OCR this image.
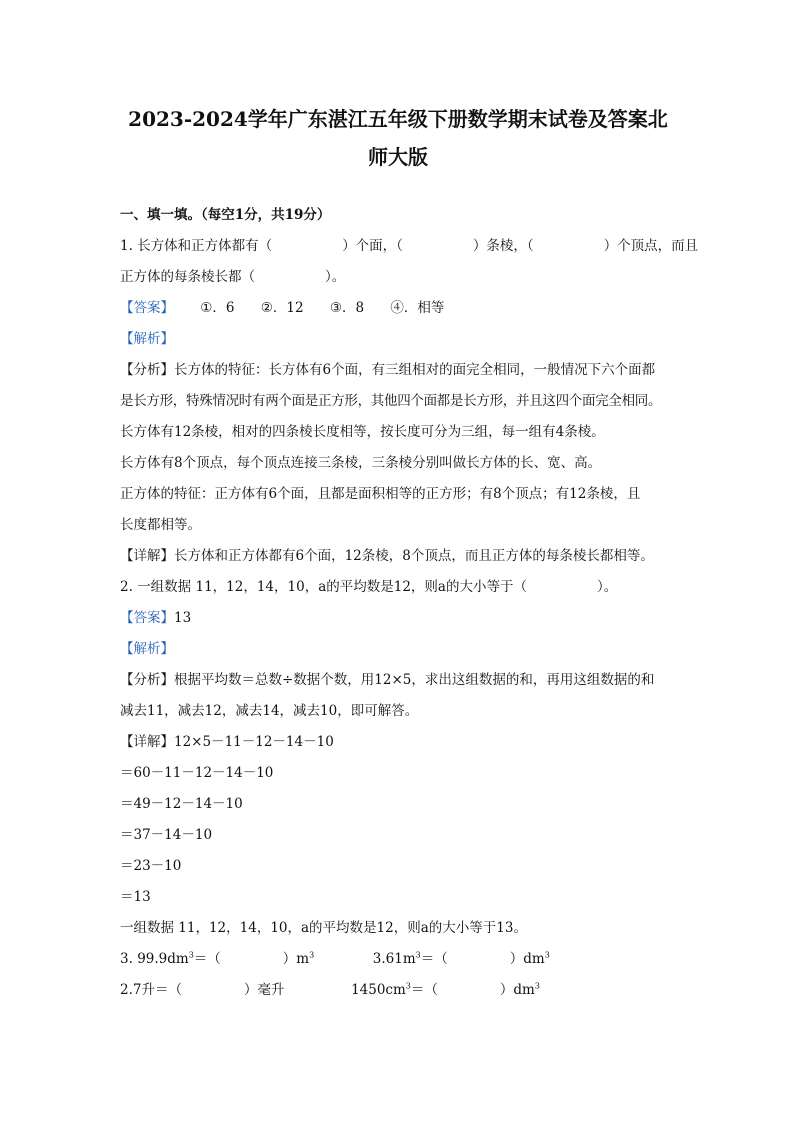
2023-2024学年广东湛江五年级下册数学期末试卷及答案北
师大版
一、填一填。（每空1分，共19分）
1. 长方体和正方体都有（	）个面，（	）条棱，（	）个顶点，而且
正方体的每条棱长都（	）。
【答案】 ①．6 ②．12 ③．8 ④．相等
【解析】
【分析】长方体的特征：长方体有6个面，有三组相对的面完全相同，一般情况下六个面都
是长方形，特殊情况时有两个面是正方形，其他四个面都是长方形，并且这四个面完全相同。
长方体有12条棱，相对的四条棱长度相等，按长度可分为三组，每一组有4条棱。
长方体有8个顶点，每个顶点连接三条棱，三条棱分别叫做长方体的长、宽、高。
正方体的特征：正方体有6个面，且都是面积相等的正方形；有8个顶点；有12条棱，且
长度都相等。
【详解】长方体和正方体都有6个面，12条棱，8个顶点，而且正方体的每条棱长都相等。
2. 一组数据 11，12，14，10，a的平均数是12，则a的大小等于（	）。
【答案】13
【解析】
【分析】根据平均数＝总数÷数据个数，用12×5，求出这组数据的和，再用这组数据的和
减去11，减去12，减去14，减去10，即可解答。
【详解】12×5－11－12－14－10
＝60－11－12－14－10
＝49－12－14－10
＝37－14－10
＝23－10
＝13
一组数据 11，12，14，10，a的平均数是12，则a的大小等于13。
3. $99.9dm^3=$（	）$m^3$	$3.61m^3=$（	）$dm^3$
2.7升＝（	）毫升	$1450cm^3=$（	）$dm^3$
